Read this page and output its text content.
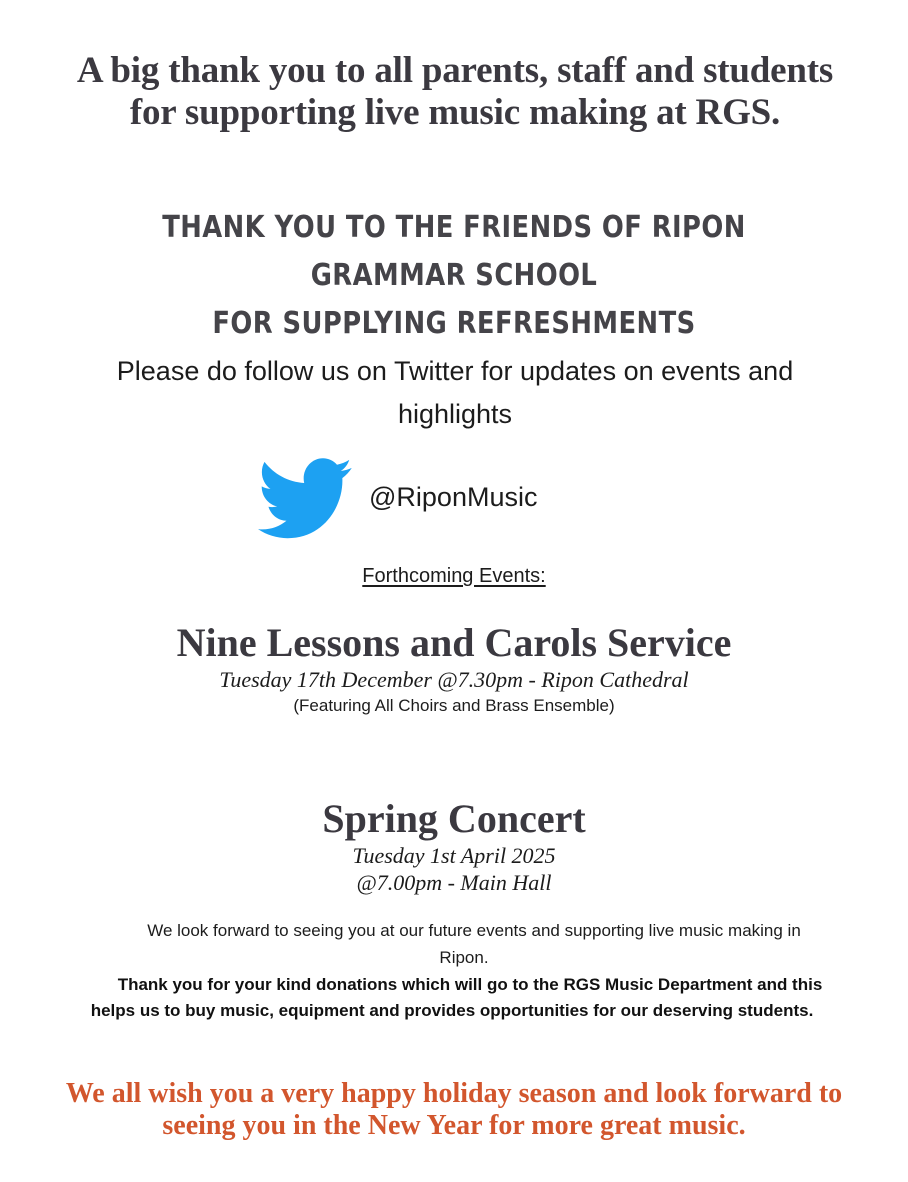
A big thank you to all parents, staff and students for supporting live music making at RGS.
THANK YOU TO THE FRIENDS OF RIPON GRAMMAR SCHOOL
FOR SUPPLYING REFRESHMENTS
Please do follow us on Twitter for updates on events and highlights
@RiponMusic
Forthcoming Events:
Nine Lessons and Carols Service
Tuesday 17th December @7.30pm - Ripon Cathedral
(Featuring All Choirs and Brass Ensemble)
Spring Concert
Tuesday 1st April 2025
@7.00pm - Main Hall
We look forward to seeing you at our future events and supporting live music making in
Ripon.
Thank you for your kind donations which will go to the RGS Music Department and this
helps us to buy music, equipment and provides opportunities for our deserving students.
We all wish you a very happy holiday season and look forward to seeing you in the New Year for more great music.
